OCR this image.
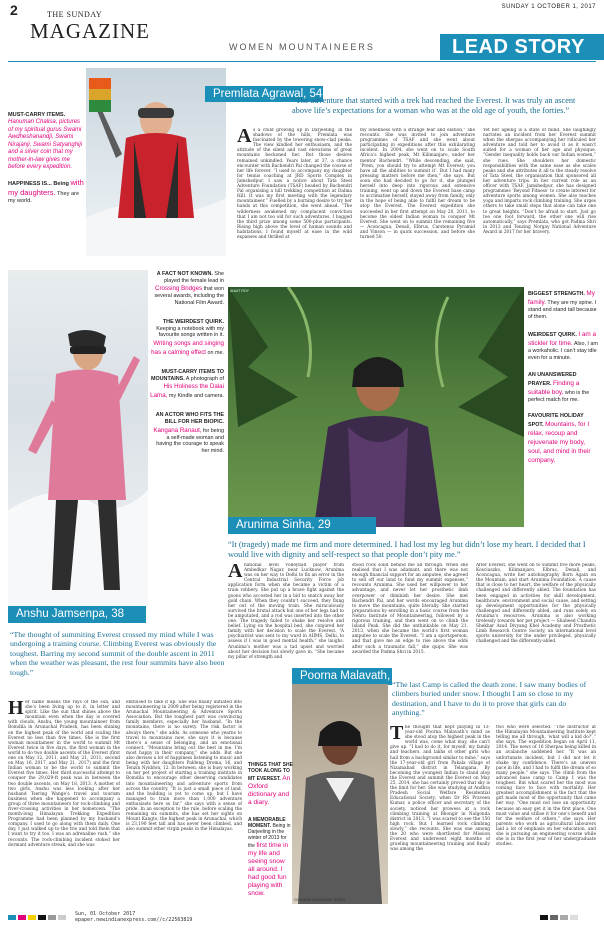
2	THE SUNDAY
MAGAZINE
WOMEN MOUNTAINEERS
SUNDAY 1 OCTOBER 1, 2017
LEAD STORY
MUST-CARRY ITEMS.
Hanuman Chalisa, pictures of my spiritual gurus Swami Awdheshanandji, Swami Nirajanji, Swami Satyanghiji and a silver coin that my mother-in-law gives me before every expedition.
HAPPINESS IS... Being with my daughters. They are my world.
Premlata Agrawal, 54
“The adventure that started with a trek had reached the Everest. It was truly an ascent above life’s expectations for a woman who was at the old age of youth, the forties.”
As a child growing up in Darjeeling, in the shadows of the hills, Premlata was fascinated by the towering snow-clad peaks. The view kindled her enthusiasm, and the attitude of the silent and vast elevations of great mountains beckoned her. But those desires remained unkindled. Years later, at 37, a chance encounter with Bachendri Pal changed the course of her life forever. “I used to accompany my daughter for tennis coaching at JRD Sports Complex in Jamshedpur. I saw a notice about Tata Steel Adventure Foundation (TSAF) headed by Bachendri Pal organising a hill trekking competition at Dalma Hill. It was my first meeting with the legendary mountaineer.” Fuelled by a burning desire to try her hands at this competition, she went ahead. “The wilderness awakened my complacent conviction that I am not too old for such adventures. I bagged the third prize among some 500-plus participants. Rising high above the level of human sounds and habitations, I found myself at ease in the wild expanses and thrilled at
my loneliness with a strange fear and elation,” she recounts. She was invited to join adventure programmes of TSAF and she went about participating in expeditions after this exhilarating incident. In 2004, she went on to scale South Africa’s highest peak, Mt Kilimanjaro, under her mentor Bachendri. “While descending, she said, ‘Prem, you should try to attempt Mt Everest; you have all the abilities to summit it’. But I had many pressing matters before me then,” she says. But soon she had decided to go for it, she plunged herself into deep into rigorous and extensive training, went up and down the Everest base camp to acclimatise herself, stayed away from family, only in the hope of being able to fulfil her dream to be atop the Everest. The Everest expedition she succeeded in her first attempt on May 20, 2011, to become the oldest Indian woman to conquer Mt Everest. She went on to summit the remaining five — Aconcagua, Denali, Elbrus, Carstensz Pyramid and Vinson — in quick succession, and before she turned 50.
Yet her ageing is a state of mind. She laughingly narrates an incident from her Everest summit when the sherpas accompanying her ridiculed her adventure and told her to avoid it as it wasn’t suited for a woman of her age and physique. “Gender inequality holds back our Indian women,” she rues. She shoulders her domestic responsibilities with the same ease as she scales peaks and she attributes it all to the steady resolve of Tata Steel, the organisation that sponsored all her adventure trips. In her current role as an officer with TSAF, Jamshedpur, she has designed programmes ‘Beyond Fitness’ to create interest for adventure sports among women. She also teaches yoga and imparts rock climbing training. She urges others to take small steps that alone can take one to great heights. “Don’t be afraid to start. Just go toe one foot forward, the other one will rise automatically,” says Premlata, who got Padma Shri in 2013 and Tenzing Norgay National Adventure Award in 2017 for her bravery.
A FACT NOT KNOWN. She played the female lead in Crossing Bridges that won several awards, including the National Film Award.
THE WEIRDEST QUIRK. Keeping a notebook with my favourite songs written in it. Writing songs and singing has a calming effect on me.
MUST-CARRY ITEMS TO MOUNTAINS. A photograph of His Holiness the Dalai Lama, my Kindle and camera.
AN ACTOR WHO FITS THE BILL FOR HER BIOPIC. Kangana Ranaut, for being a self-made woman and having the courage to speak her mind.
ANUIT ROY
Arunima Sinha, 29
BIGGEST STRENGTH. My family. They are my spine. I stand and stand tall because of them.
WEIRDEST QUIRK. I am a stickler for time. Also, I am a workaholic. I can’t stay idle even for a minute.
AN UNANSWERED PRAYER. Finding a suitable boy, who is the perfect match for me.
FAVOURITE HOLIDAY SPOT. Mountains, for I relax, recoup and rejuvenate my body, soul, and mind in their company.
“It (tragedy) made me firm and more determined. I had lost my leg but didn’t lose my heart. I decided that I would live with dignity and self-respect so that people don’t pity me.”
Anational level volleyball player from Ambedkar Nagar, near Lucknow, Arunima was on her way to Delhi to fix an error in the Central Industrial Security Force job application form when she became a victim of a train robbery. She put up a brave fight against the goons who accosted her in a bid to snatch away her gold chain. When they couldn’t succeed, they flung her out of the moving train. She miraculously survived the brutal attack but one of her legs had to be amputated, and a rod was inserted into the other one. The tragedy failed to shake her resolve and belief. Lying on the hospital bed, she conjured her family with her decision to scale the Everest. “A psychiatrist was sent to my ward in AIIMS, Delhi, to assess if I was in good mental health,” she laughs. Arunima’s mother was a tad upset and worried about her decision but slowly gave in. “She became my pillar of strength and
stood rock solid behind me all through. When she realised that I was adamant, and there was not enough financial support for an amputee, she agreed to sell off our land to fund my summit expenses,” recounts Arunima. She used her willpower to her advantage, and never let her prosthetic limb overpower or diminish her desire. She met Bachendri Pal, and her words encouraged Arunima to move the mountains, quite literally. She started preparations by enrolling in a basic course from the Nehru Institute of Mountaineering, followed by a rigorous training, and then went on to climb the Island Peak. She did the unthinkable on May 21, 2013, when she became the world’s first woman amputee to scale the Everest. “I am a sportsperson, and that gave me an edge to rise above the odds after such a traumatic fall,” she quips. She was awarded the Padma Shri in 2015.
After Everest, she went on to summit five more peaks, Kosciuszko, Kilimanjaro, Elbrus, Denali, and Aconcagua, write her autobiography Born Again on the Mountain, and start Arunima Foundation. A cause that is close to her heart, the welfare of the physically challenged and differently abled. The foundation has been engaged in activities for skill development, healthcare, environment and social cause, and setting up development opportunities for the physically challenged and differently abled, and runs solely on Arunima’s resources. Arunima is also working tirelessly towards her pet project — Shaheed Chandra Shekhar Azad Divyang Khel Academy and Prosthetic Limb Research Centre Society, an international level sports university for the under privileged, physically challenged and the differently-abled.
Anshu Jamsenpa, 38
“The thought of summiting Everest crossed my mind while I was undergoing a training course. Climbing Everest was obviously the toughest. Barring my second summit of the double ascent in 2011 when the weather was pleasant, the rest four summits have also been tough.”
Her name means the rays of the sun, and she’s been living up to it, in letter and spirit. Like the sun that shines above the mountain even when the day is covered with clouds, Anshu, the young mountaineer from Bomdila in Arunachal Pradesh, has been shining on the highest peak of the world and scaling the Everest no less than five times. She is the first woman mountaineer in the world to summit Mt Everest twice in five days, the first woman in the world to do two double ascents of the Everest (first one on May 12, 2011, and May 21, 2011, second on May 16, 2017, and May 21, 2017) and the first Indian woman to be the world to summit the Everest five times. Her third successful attempt to conquer the 29,029-ft peak was in between the two double ascents, on May 18, 2013. A mother of two girls, Anshu was less looking after her husband Tsering Wange’s travel and tourism business when she happened to accompany a group of three mountaineers for rock-climbing and river-crossing activities in her hometown. “The month-long Himalayan Trekking Expedition Programme had been planned by my husband’s company. I used to go along with them daily. One day, I just walked up to the trio and told them that I want to try it too. I was an adrenaline rush,” she recounts. The rock-climbing incident stoked her dormant adventure streak, and she was
enthused to take it up. She was finally initiated into mountaineering in 2009 after being registered in the Arunachal Mountaineering & Adventure Sports Association. But the toughest part was convincing family members, especially her husband. “In the mountains, there is no surety. The risk factor is always there,” she adds. As someone who yearns to travel to mountains now, she says it is because there’s a sense of belonging, and an emotional connect. “Mountains bring out the best in me. I’m most happy in their company,” she adds. But she also devises a lot of happiness listening to music and being with her daughters Paldeng Droma, 16, and Tenzin Nyiddon, 12. In between, she is busy working on her pet project of starting a training institute in Bomdila to encourage other deserving candidates into mountaineering and adventure sports from across the country. “It is just a small piece of land, and the building is yet to come up, but I have managed to train more than 1,000 adventure enthusiasts here so far,” she says with a sense of pride. In an exception to the rule, before scaling the remaining six summits, she has set her sights on Mount Kangto, the highest peak in Arunachal, which is 23,190 feet tall and has never been climbed, and also summit other virgin peaks in the Himalayas.
Poorna Malavath,
“The last Camp is called the death zone. I saw many bodies of climbers buried under snow. I thought I am so close to my destination, and I have to do it to prove that girls can do anything.”
CHANDAR ARUN/SNAP JEERO
THINGS THAT SHE TOOK ALONG TO MT EVEREST. An Oxford dictionary and a diary.
A MEMORABLE MOMENT. Being in Darjeeling in the winter of 2013 for the first time in my life and seeing snow all around. I had good fun playing with snow.
The thought that kept playing in 13-year-old Poorna Malavath’s mind as she stood atop the highest peak in the world was, come what may, she can’t give up. “I had to do it, for myself, my family and teachers, and lakhs of other girls who hail from a background similar to mine,” says the 17-year-old girl from Pakala village of Nizamabad district in Telangana. By becoming the youngest Indian to stand atop the Everest and summit the Everest on May 25, 2014, she has certainly proved that sky is the limit for her. She was studying at Andhra Pradesh Social Welfare Residential Educational Society, when Dr RS Praveen Kumar, a police officer and secretary of the society, noticed her prowess at a rock climbing training at Bhongir in Nalgonda district in 2013. “I was scared to see the 150 high rock. But I learned rock climbing slowly,” she recounts. She was one among the 20 who were shortlisted for Mission Everest and underwent eight months of grueling mountaineering training and finally was among the
two who were selected. “The instructor at the Himalayan Mountaineering Institute kept telling me all through, ‘what will a kid do?’,” she says. The expedition began on April 11, 2014. The news of 16 Sherpas being killed in an avalanche saddened her. “It was an unfortunate incident, but I did not let it shake my confidence. There’s an uneven pace in life, and I had to fulfil the dream of so many people,” she says. The climb from the advanced base camp to Camp 1 was the toughest. But what scared her the most was coming face to face with mortality. Her greatest accomplishment is the fact that the girl made most of the opportunity that came her way. “One must not lose an opportunity because an easy get it in the first place. One must value and utilise it for one’s benefit and for the welfare of others,” she says. Her parents who work as agricultural labourers laid a lot of emphasis on her education, and she is pursuing an engineering course while she is in the first year of her undergraduate studies.
Sun, 01 October 2017
epaper.newindianexpress.com//c/22563819
